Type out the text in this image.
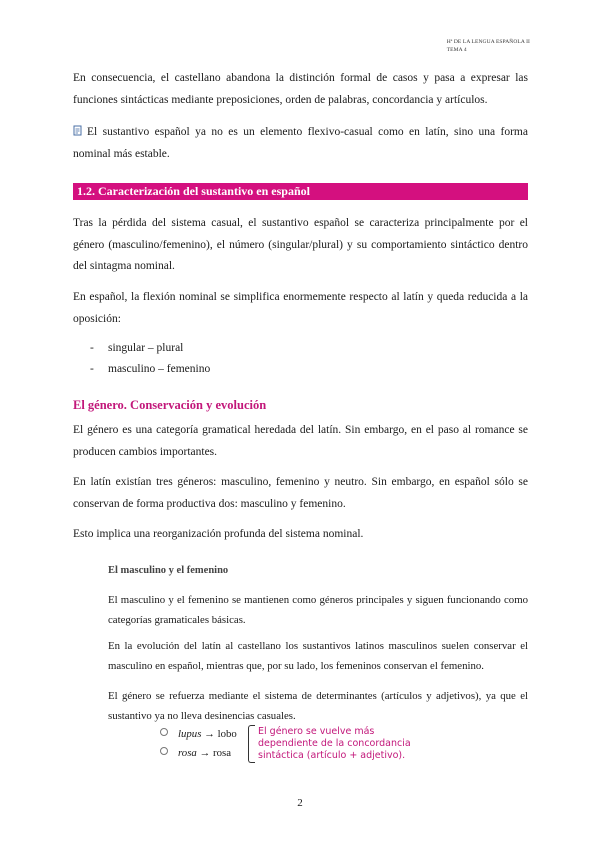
Hª DE LA LENGUA ESPAÑOLA II
TEMA 4
En consecuencia, el castellano abandona la distinción formal de casos y pasa a expresar las funciones sintácticas mediante preposiciones, orden de palabras, concordancia y artículos.
El sustantivo español ya no es un elemento flexivo-casual como en latín, sino una forma nominal más estable.
1.2. Caracterización del sustantivo en español
Tras la pérdida del sistema casual, el sustantivo español se caracteriza principalmente por el género (masculino/femenino), el número (singular/plural) y su comportamiento sintáctico dentro del sintagma nominal.
En español, la flexión nominal se simplifica enormemente respecto al latín y queda reducida a la oposición:
- singular – plural
- masculino – femenino
El género. Conservación y evolución
El género es una categoría gramatical heredada del latín. Sin embargo, en el paso al romance se producen cambios importantes.
En latín existían tres géneros: masculino, femenino y neutro. Sin embargo, en español sólo se conservan de forma productiva dos: masculino y femenino.
Esto implica una reorganización profunda del sistema nominal.
El masculino y el femenino
El masculino y el femenino se mantienen como géneros principales y siguen funcionando como categorías gramaticales básicas.
En la evolución del latín al castellano los sustantivos latinos masculinos suelen conservar el masculino en español, mientras que, por su lado, los femeninos conservan el femenino.
El género se refuerza mediante el sistema de determinantes (artículos y adjetivos), ya que el sustantivo ya no lleva desinencias casuales.
lupus → lobo
rosa → rosa
El género se vuelve más
dependiente de la concordancia
sintáctica (artículo + adjetivo).
2
